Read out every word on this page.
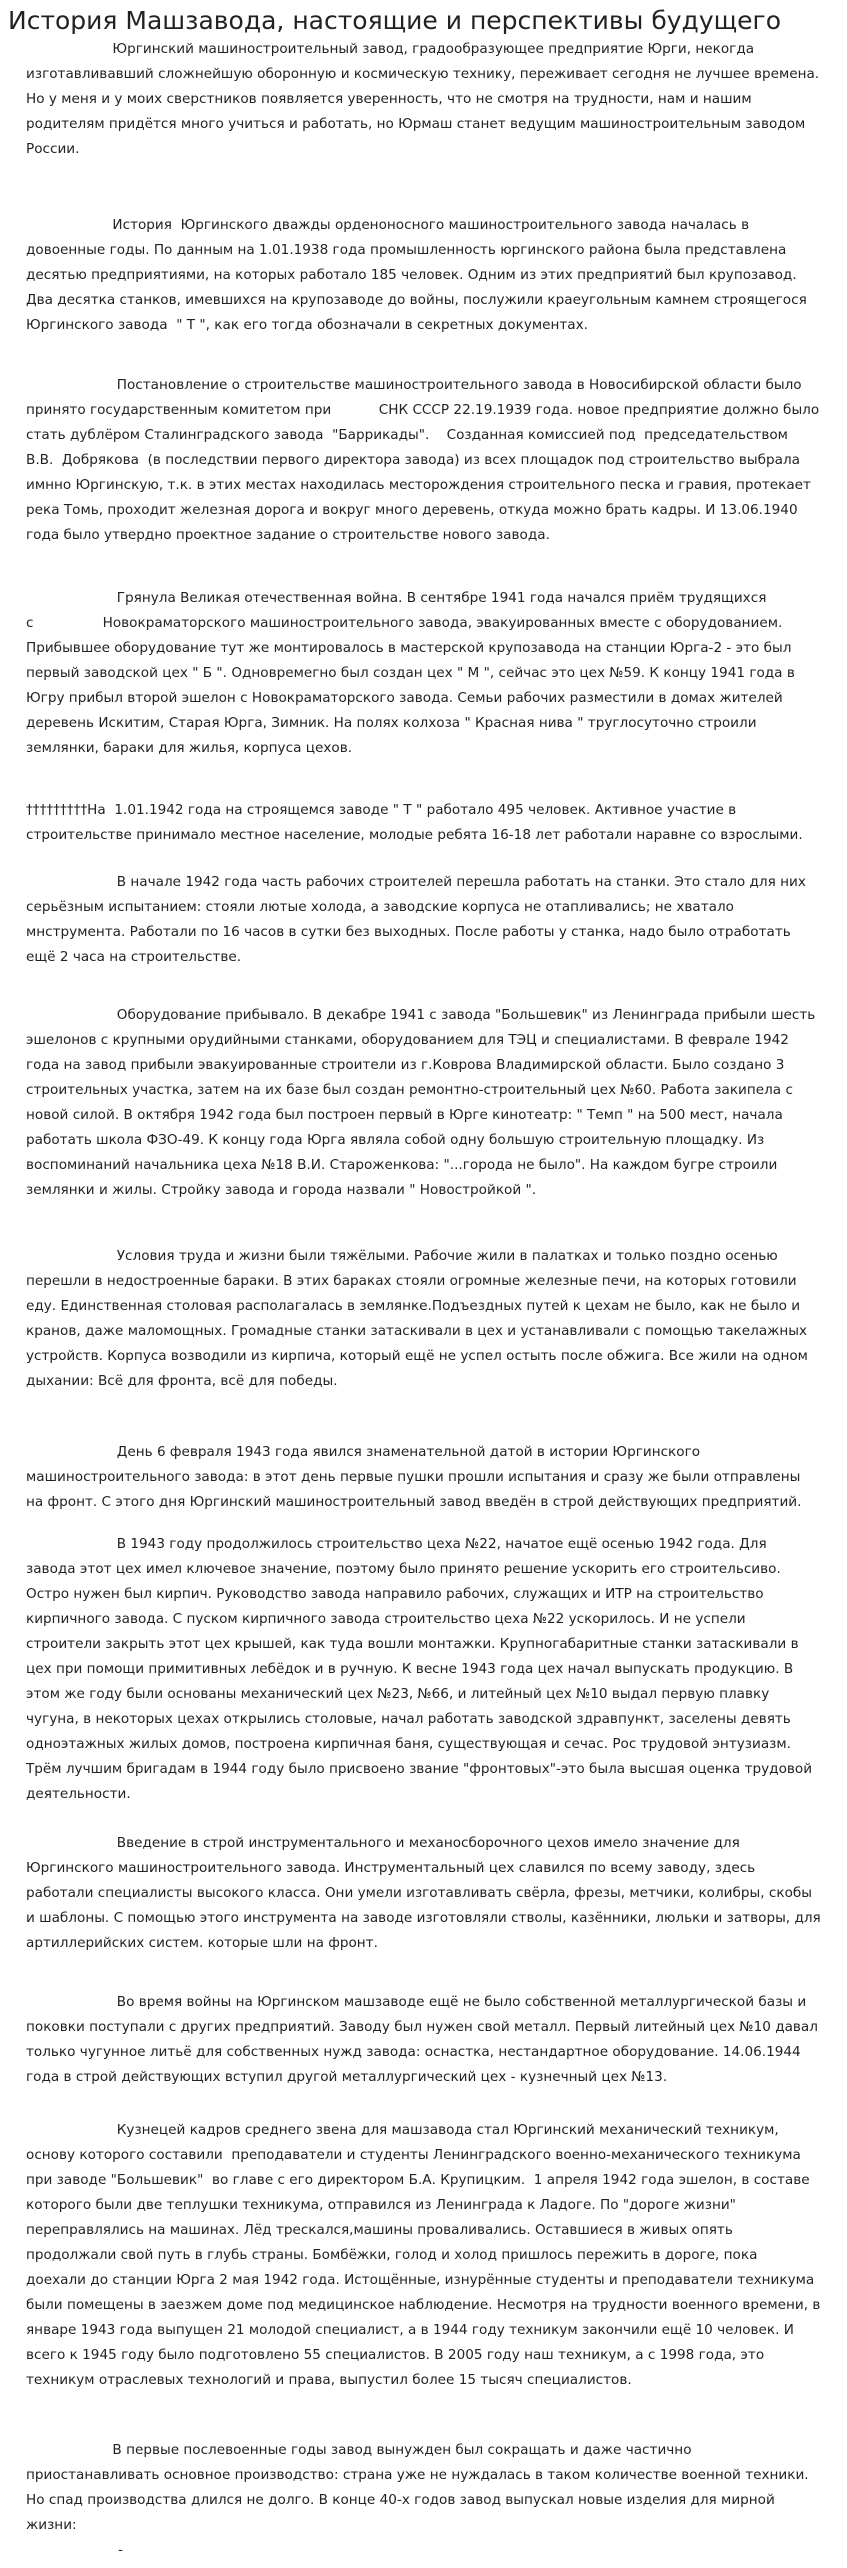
История Машзавода, настоящие и перспективы будущего
Юргинский машиностроительный завод, градообразующее предприятие Юрги, некогда
изготавливавший сложнейшую оборонную и космическую технику, переживает сегодня не лучшее времена.
Но у меня и у моих сверстников появляется уверенность, что не смотря на трудности, нам и нашим
родителям придётся много учиться и работать, но Юрмаш станет ведущим машиностроительным заводом
России.
История  Юргинского дважды орденоносного машиностроительного завода началась в
довоенные годы. По данным на 1.01.1938 года промышленность юргинского района была представлена
десятью предприятиями, на которых работало 185 человек. Одним из этих предприятий был крупозавод.
Два десятка станков, имевшихся на крупозаводе до войны, послужили краеугольным камнем строящегося
Юргинского завода  " Т ", как его тогда обозначали в секретных документах.
Постановление о строительстве машиностроительного завода в Новосибирской области было
принято государственным комитетом при           СНК СССР 22.19.1939 года. новое предприятие должно было
стать дублёром Сталинградского завода  "Баррикады".    Созданная комиссией под  председательством
В.В.  Добрякова  (в последствии первого директора завода) из всех площадок под строительство выбрала
имнно Юргинскую, т.к. в этих местах находилась месторождения строительного песка и гравия, протекает
река Томь, проходит железная дорога и вокруг много деревень, откуда можно брать кадры. И 13.06.1940
года было утвердно проектное задание о строительстве нового завода.
Грянула Великая отечественная война. В сентябре 1941 года начался приём трудящихся
с                Новокраматорского машиностроительного завода, эвакуированных вместе с оборудованием.
Прибывшее оборудование тут же монтировалось в мастерской крупозавода на станции Юрга-2 - это был
первый заводской цех " Б ". Одновремегно был создан цех " М ", сейчас это цех №59. К концу 1941 года в
Югру прибыл второй эшелон с Новокраматорского завода. Семьи рабочих разместили в домах жителей
деревень Искитим, Старая Юрга, Зимник. На полях колхоза " Красная нива " труглосуточно строили
землянки, бараки для жилья, корпуса цехов.
†††††††††На  1.01.1942 года на строящемся заводе " Т " работало 495 человек. Активное участие в
строительстве принимало местное население, молодые ребята 16-18 лет работали наравне со взрослыми.
В начале 1942 года часть рабочих строителей перешла работать на станки. Это стало для них
серьёзным испытанием: стояли лютые холода, а заводские корпуса не отапливались; не хватало
мнструмента. Работали по 16 часов в сутки без выходных. После работы у станка, надо было отработать
ещё 2 часа на строительстве.
Оборудование прибывало. В декабре 1941 с завода "Большевик" из Ленинграда прибыли шесть
эшелонов с крупными орудийными станками, оборудованием для ТЭЦ и специалистами. В феврале 1942
года на завод прибыли эвакуированные строители из г.Коврова Владимирской области. Было создано 3
строительных участка, затем на их базе был создан ремонтно-строительный цех №60. Работа закипела с
новой силой. В октября 1942 года был построен первый в Юрге кинотеатр: " Темп " на 500 мест, начала
работать школа ФЗО-49. К концу года Юрга являла собой одну большую строительную площадку. Из
воспоминаний начальника цеха №18 В.И. Староженкова: "...города не было". На каждом бугре строили
землянки и жилы. Стройку завода и города назвали " Новостройкой ".
Условия труда и жизни были тяжёлыми. Рабочие жили в палатках и только поздно осенью
перешли в недостроенные бараки. В этих бараках стояли огромные железные печи, на которых готовили
еду. Единственная столовая располагалась в землянке.Подъездных путей к цехам не было, как не было и
кранов, даже маломощных. Громадные станки затаскивали в цех и устанавливали с помощью такелажных
устройств. Корпуса возводили из кирпича, который ещё не успел остыть после обжига. Все жили на одном
дыхании: Всё для фронта, всё для победы.
День 6 февраля 1943 года явился знаменательной датой в истории Юргинского
машиностроительного завода: в этот день первые пушки прошли испытания и сразу же были отправлены
на фронт. С этого дня Юргинский машиностроительный завод введён в строй действующих предприятий.
В 1943 году продолжилось строительство цеха №22, начатое ещё осенью 1942 года. Для
завода этот цех имел ключевое значение, поэтому было принято решение ускорить его строительсиво.
Остро нужен был кирпич. Руководство завода направило рабочих, служащих и ИТР на строительство
кирпичного завода. С пуском кирпичного завода строительство цеха №22 ускорилось. И не успели
строители закрыть этот цех крышей, как туда вошли монтажки. Крупногабаритные станки затаскивали в
цех при помощи примитивных лебёдок и в ручную. К весне 1943 года цех начал выпускать продукцию. В
этом же году были основаны механический цех №23, №66, и литейный цех №10 выдал первую плавку
чугуна, в некоторых цехах открылись столовые, начал работать заводской здравпункт, заселены девять
одноэтажных жилых домов, построена кирпичная баня, существующая и сечас. Рос трудовой энтузиазм.
Трём лучшим бригадам в 1944 году было присвоено звание "фронтовых"-это была высшая оценка трудовой
деятельности.
Введение в строй инструментального и механосборочного цехов имело значение для
Юргинского машиностроительного завода. Инструментальный цех славился по всему заводу, здесь
работали специалисты высокого класса. Они умели изготавливать свёрла, фрезы, метчики, колибры, скобы
и шаблоны. С помощью этого инструмента на заводе изготовляли стволы, казённики, люльки и затворы, для
артиллерийских систем. которые шли на фронт.
Во время войны на Юргинском машзаводе ещё не было собственной металлургической базы и
поковки поступали с других предприятий. Заводу был нужен свой металл. Первый литейный цех №10 давал
только чугунное литьё для собственных нужд завода: оснастка, нестандартное оборудование. 14.06.1944
года в строй действующих вступил другой металлургический цех - кузнечный цех №13.
Кузнецей кадров среднего звена для машзавода стал Юргинский механический техникум,
основу которого составили  преподаватели и студенты Ленинградского военно-механического техникума
при заводе "Большевик"  во главе с его директором Б.А. Крупицким.  1 апреля 1942 года эшелон, в составе
которого были две теплушки техникума, отправился из Ленинграда к Ладоге. По "дороге жизни"
переправлялись на машинах. Лёд трескался,машины проваливались. Оставшиеся в живых опять
продолжали свой путь в глубь страны. Бомбёжки, голод и холод пришлось пережить в дороге, пока
доехали до станции Юрга 2 мая 1942 года. Истощённые, изнурённые студенты и преподаватели техникума
были помещены в заезжем доме под медицинское наблюдение. Несмотря на трудности военного времени, в
январе 1943 года выпущен 21 молодой специалист, а в 1944 году техникум закончили ещё 10 человек. И
всего к 1945 году было подготовлено 55 специалистов. В 2005 году наш техникум, а с 1998 года, это
техникум отраслевых технологий и права, выпустил более 15 тысяч специалистов.
В первые послевоенные годы завод вынужден был сокращать и даже частично
приостанавливать основное производство: страна уже не нуждалась в таком количестве военной техники.
Но спад производства длился не долго. В конце 40-х годов завод выпускал новые изделия для мирной
жизни:
-
